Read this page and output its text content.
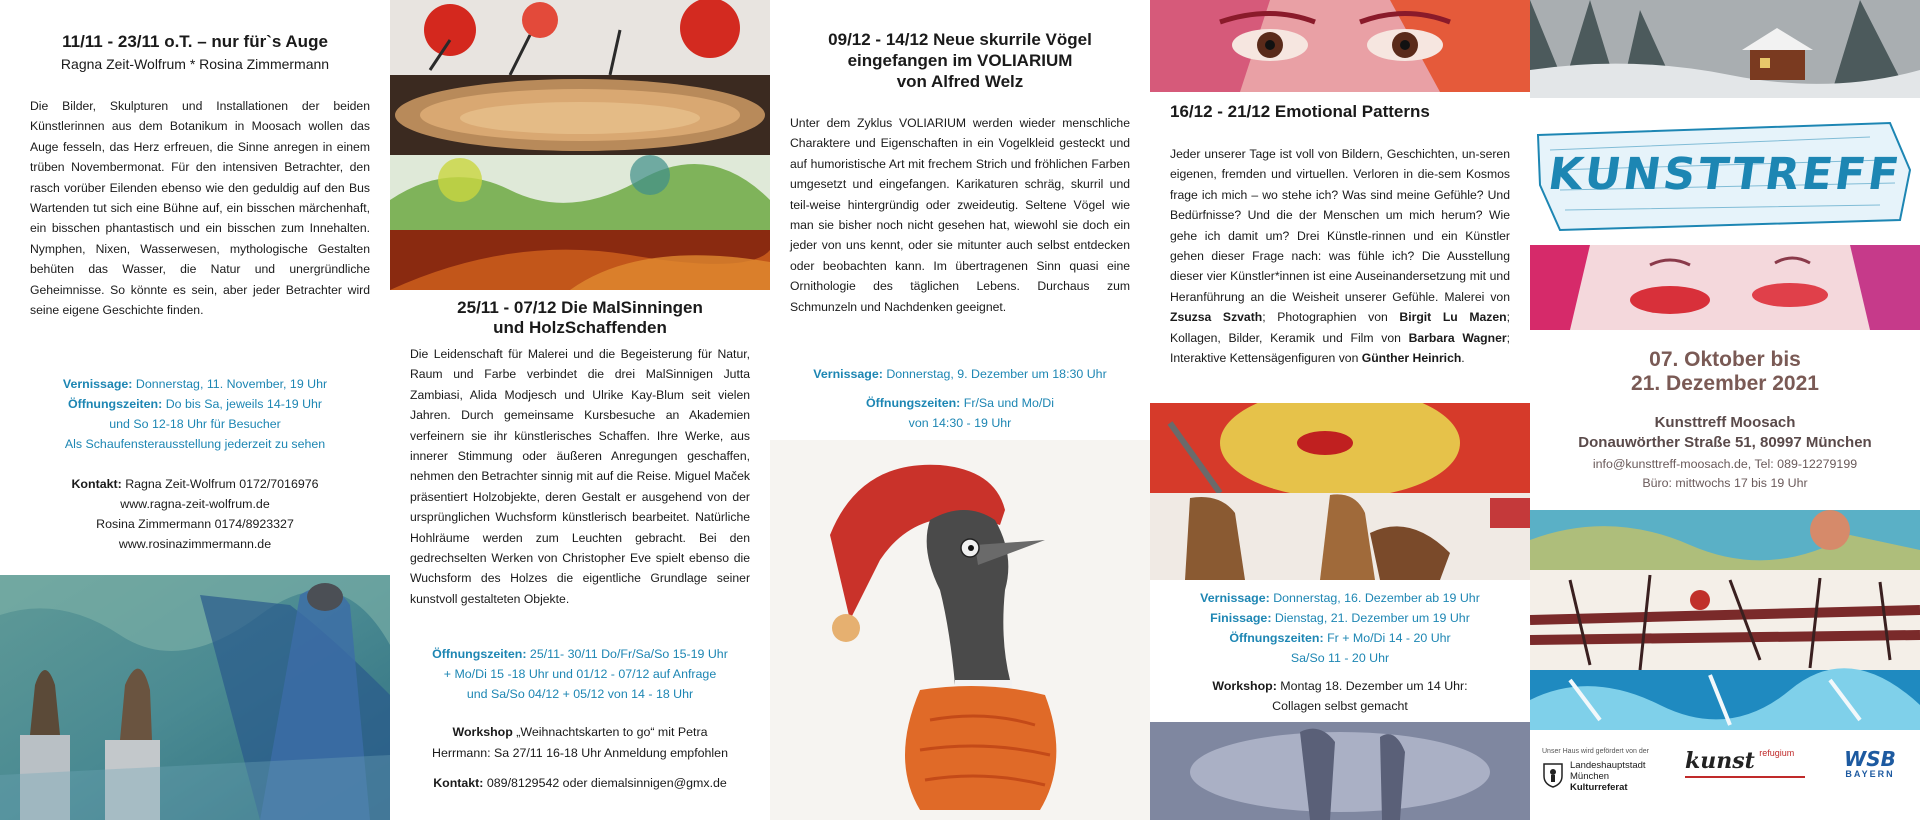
11/11 - 23/11 o.T. – nur für`s Auge
Ragna Zeit-Wolfrum * Rosina Zimmermann
Die Bilder, Skulpturen und Installationen der beiden Künstlerinnen aus dem Botanikum in Moosach wollen das Auge fesseln, das Herz erfreuen, die Sinne anregen in einem trüben Novembermonat. Für den intensiven Betrachter, den rasch vorüber Eilenden ebenso wie den geduldig auf den Bus Wartenden tut sich eine Bühne auf, ein bisschen märchenhaft, ein bisschen phantastisch und ein bisschen zum Innehalten. Nymphen, Nixen, Wasserwesen, mythologische Gestalten behüten das Wasser, die Natur und unergründliche Geheimnisse. So könnte es sein, aber jeder Betrachter wird seine eigene Geschichte finden.
Vernissage: Donnerstag, 11. November, 19 Uhr
Öffnungszeiten: Do bis Sa, jeweils 14-19 Uhr
und So 12-18 Uhr für Besucher
Als Schaufensterausstellung jederzeit zu sehen
Kontakt: Ragna Zeit-Wolfrum 0172/7016976
www.ragna-zeit-wolfrum.de
Rosina Zimmermann 0174/8923327
www.rosinazimmermann.de
25/11 - 07/12 Die MalSinningen
und HolzSchaffenden
Die Leidenschaft für Malerei und die Begeisterung für Natur, Raum und Farbe verbindet die drei MalSinnigen Jutta Zambiasi, Alida Modjesch und Ulrike Kay-Blum seit vielen Jahren. Durch gemeinsame Kursbesuche an Akademien verfeinern sie ihr künstlerisches Schaffen. Ihre Werke, aus innerer Stimmung oder äußeren Anregungen geschaffen, nehmen den Betrachter sinnig mit auf die Reise. Miguel Maček präsentiert Holzobjekte, deren Gestalt er ausgehend von der ursprünglichen Wuchsform künstlerisch bearbeitet. Natürliche Hohlräume werden zum Leuchten gebracht. Bei den gedrechselten Werken von Christopher Eve spielt ebenso die Wuchsform des Holzes die eigentliche Grundlage seiner kunstvoll gestalteten Objekte.
Öffnungszeiten: 25/11- 30/11 Do/Fr/Sa/So 15-19 Uhr
+ Mo/Di 15 -18 Uhr und 01/12 - 07/12 auf Anfrage
und Sa/So 04/12 + 05/12 von 14 - 18 Uhr
Workshop „Weihnachtskarten to go“ mit Petra
Herrmann: Sa 27/11 16-18 Uhr Anmeldung empfohlen
Kontakt: 089/8129542 oder diemalsinnigen@gmx.de
09/12 - 14/12 Neue skurrile Vögel
eingefangen im VOLIARIUM
von Alfred Welz
Unter dem Zyklus VOLIARIUM werden wieder menschliche Charaktere und Eigenschaften in ein Vogelkleid gesteckt und auf humoristische Art mit frechem Strich und fröhlichen Farben umgesetzt und eingefangen. Karikaturen schräg, skurril und teil-weise hintergründig oder zweideutig. Seltene Vögel wie man sie bisher noch nicht gesehen hat, wiewohl sie doch ein jeder von uns kennt, oder sie mitunter auch selbst entdecken oder beobachten kann. Im übertragenen Sinn quasi eine Ornithologie des täglichen Lebens. Durchaus zum Schmunzeln und Nachdenken geeignet.
Vernissage: Donnerstag, 9. Dezember um 18:30 Uhr
Öffnungszeiten: Fr/Sa und Mo/Di
von 14:30 - 19 Uhr
16/12 - 21/12 Emotional Patterns
Jeder unserer Tage ist voll von Bildern, Geschichten, un-seren eigenen, fremden und virtuellen. Verloren in die-sem Kosmos frage ich mich – wo stehe ich? Was sind meine Gefühle? Und Bedürfnisse? Und die der Menschen um mich herum? Wie gehe ich damit um? Drei Künstle-rinnen und ein Künstler gehen dieser Frage nach: was fühle ich? Die Ausstellung dieser vier Künstler*innen ist eine Auseinandersetzung mit und Heranführung an die Weisheit unserer Gefühle. Malerei von Zsuzsa Szvath; Photographien von Birgit Lu Mazen; Kollagen, Bilder, Keramik und Film von Barbara Wagner; Interaktive Kettensägenfiguren von Günther Heinrich.
Vernissage: Donnerstag, 16. Dezember ab 19 Uhr
Finissage: Dienstag, 21. Dezember um 19 Uhr
Öffnungszeiten: Fr + Mo/Di 14 - 20 Uhr
Sa/So 11 - 20 Uhr
Workshop: Montag 18. Dezember um 14 Uhr:
Collagen selbst gemacht
KUNSTTREFF
07. Oktober bis
21. Dezember 2021
Kunsttreff Moosach
Donauwörther Straße 51, 80997 München
info@kunsttreff-moosach.de, Tel: 089-12279199
Büro: mittwochs 17 bis 19 Uhr
Unser Haus wird gefördert von der
Landeshauptstadt
München
Kulturreferat
kunst $^{refugium}$	WSB
BAYERN
